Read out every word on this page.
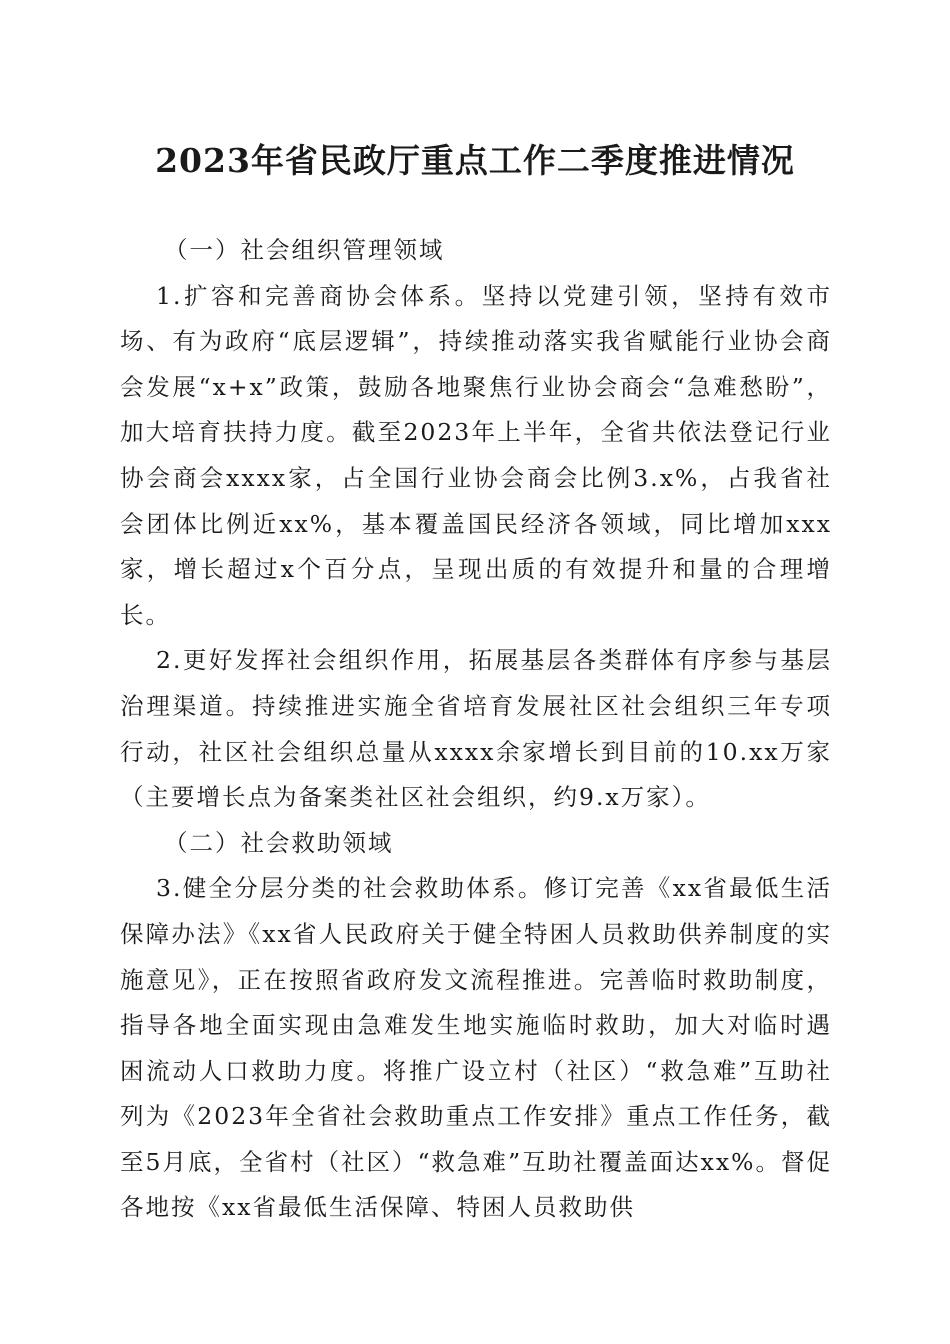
2023年省民政厅重点工作二季度推进情况
（一）社会组织管理领域

1.扩容和完善商协会体系。坚持以党建引领，坚持有效市场、有为政府“底层逻辑”，持续推动落实我省赋能行业协会商会发展“x+x”政策，鼓励各地聚焦行业协会商会“急难愁盼”，加大培育扶持力度。截至2023年上半年，全省共依法登记行业协会商会xxxx家，占全国行业协会商会比例3.x%，占我省社会团体比例近xx%，基本覆盖国民经济各领域，同比增加xxx家，增长超过x个百分点，呈现出质的有效提升和量的合理增长。

2.更好发挥社会组织作用，拓展基层各类群体有序参与基层治理渠道。持续推进实施全省培育发展社区社会组织三年专项行动，社区社会组织总量从xxxx余家增长到目前的10.xx万家（主要增长点为备案类社区社会组织，约9.x万家）。

（二）社会救助领域

3.健全分层分类的社会救助体系。修订完善《xx省最低生活保障办法》《xx省人民政府关于健全特困人员救助供养制度的实施意见》，正在按照省政府发文流程推进。完善临时救助制度，指导各地全面实现由急难发生地实施临时救助，加大对临时遇困流动人口救助力度。将推广设立村（社区）“救急难”互助社列为《2023年全省社会救助重点工作安排》重点工作任务，截至5月底，全省村（社区）“救急难”互助社覆盖面达xx%。督促各地按《xx省最低生活保障、特困人员救助供
